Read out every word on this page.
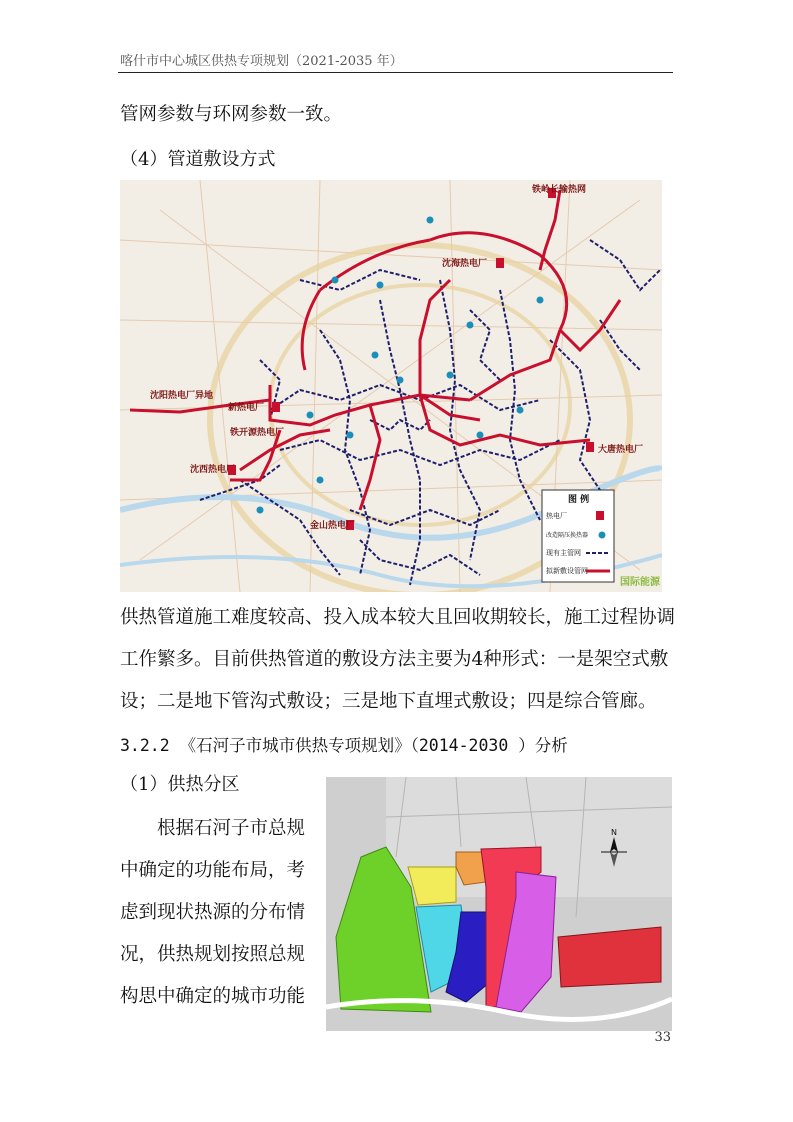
喀什市中心城区供热专项规划（2021-2035 年）
管网参数与环网参数一致。
（4）管道敷设方式
铁岭长输热网
沈海热电厂
沈阳热电厂异地
新热电厂
铁开源热电厂
沈西热电厂
大唐热电厂
金山热电厂
图 例
热电厂
改造隔压换热器
现有主管网
拟新敷设管网
国际能源
供热管道施工难度较高、投入成本较大且回收期较长，施工过程协调
工作繁多。目前供热管道的敷设方法主要为4种形式：一是架空式敷
设；二是地下管沟式敷设；三是地下直埋式敷设；四是综合管廊。
3.2.2 《石河子市城市供热专项规划》（2014-2030 ）分析
（1）供热分区
根据石河子市总规
中确定的功能布局，考
虑到现状热源的分布情
况，供热规划按照总规
构思中确定的城市功能
N
33
